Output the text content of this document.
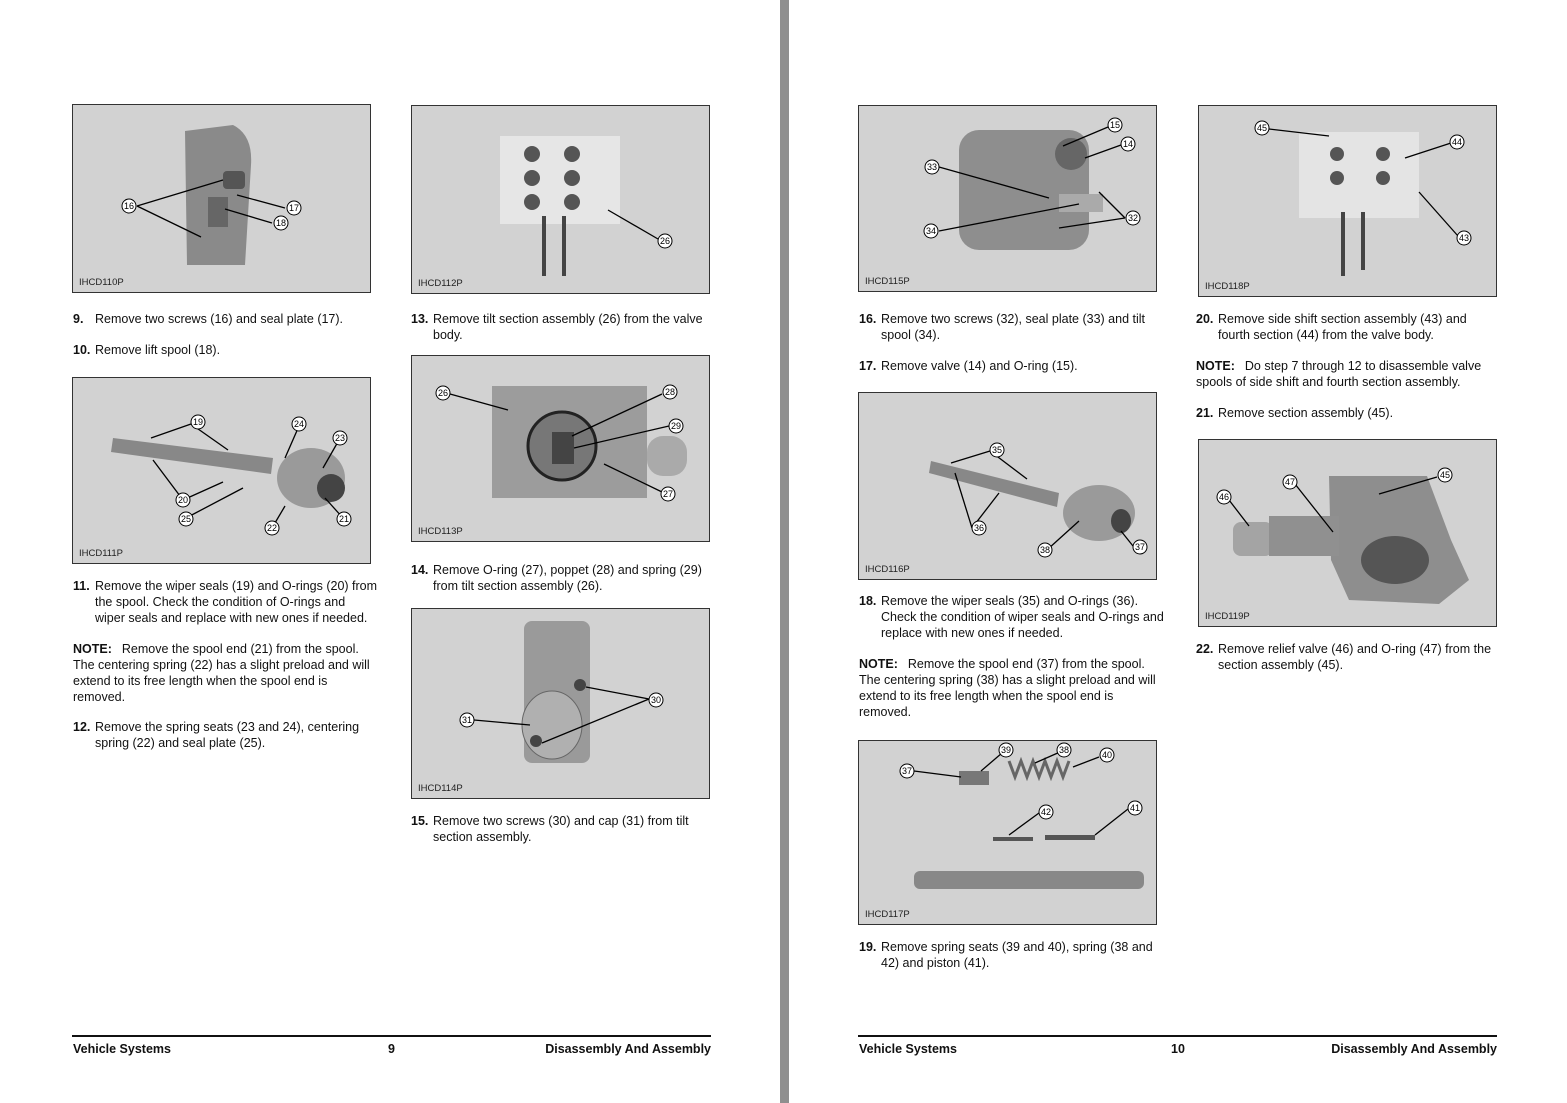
16	17
18
IHCD110P
9. Remove two screws (16) and seal plate (17).
10. Remove lift spool (18).
19	24
23
20
25
22
21
IHCD111P
11. Remove the wiper seals (19) and O-rings (20) from the spool. Check the condition of O-rings and wiper seals and replace with new ones if needed.
NOTE: Remove the spool end (21) from the spool. The centering spring (22) has a slight preload and will extend to its free length when the spool end is removed.
12. Remove the spring seats (23 and 24), centering spring (22) and seal plate (25).
26
IHCD112P
13. Remove tilt section assembly (26) from the valve body.
26	28
29
27
IHCD113P
14. Remove O-ring (27), poppet (28) and spring (29) from tilt section assembly (26).
31
30
IHCD114P
15. Remove two screws (30) and cap (31) from tilt section assembly.
Vehicle Systems	9	Disassembly And Assembly
15
14
33
32
34
IHCD115P
16. Remove two screws (32), seal plate (33) and tilt spool (34).
17. Remove valve (14) and O-ring (15).
35
36
38	37
IHCD116P
18. Remove the wiper seals (35) and O-rings (36). Check the condition of wiper seals and O-rings and replace with new ones if needed.
NOTE: Remove the spool end (37) from the spool. The centering spring (38) has a slight preload and will extend to its free length when the spool end is removed.
37
39	38	40
42	41
IHCD117P
19. Remove spring seats (39 and 40), spring (38 and 42) and piston (41).
45
44
43
IHCD118P
20. Remove side shift section assembly (43) and fourth section (44) from the valve body.
NOTE: Do step 7 through 12 to disassemble valve spools of side shift and fourth section assembly.
21. Remove section assembly (45).
47
45
46
IHCD119P
22. Remove relief valve (46) and O-ring (47) from the section assembly (45).
Vehicle Systems	10	Disassembly And Assembly
